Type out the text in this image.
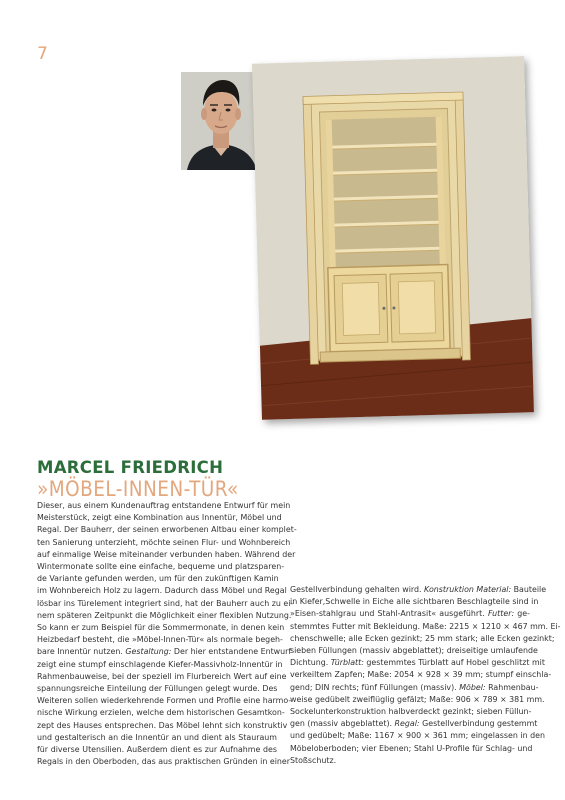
7
MARCEL FRIEDRICH
»MÖBEL-INNEN-TÜR«
Dieser, aus einem Kundenauftrag entstandene Entwurf für mein
Meisterstück, zeigt eine Kombination aus Innentür, Möbel und
Regal. Der Bauherr, der seinen erworbenen Altbau einer komplet-
ten Sanierung unterzieht, möchte seinen Flur- und Wohnbereich
auf einmalige Weise miteinander verbunden haben. Während der
Wintermonate sollte eine einfache, bequeme und platzsparen-
de Variante gefunden werden, um für den zukünftigen Kamin
im Wohnbereich Holz zu lagern. Dadurch dass Möbel und Regal
lösbar ins Türelement integriert sind, hat der Bauherr auch zu ei-
nem späteren Zeitpunkt die Möglichkeit einer flexiblen Nutzung.
So kann er zum Beispiel für die Sommermonate, in denen kein
Heizbedarf besteht, die »Möbel-Innen-Tür« als normale begeh-
bare Innentür nutzen. Gestaltung: Der hier entstandene Entwurf
zeigt eine stumpf einschlagende Kiefer-Massivholz-Innentür in
Rahmenbauweise, bei der speziell im Flurbereich Wert auf eine
spannungsreiche Einteilung der Füllungen gelegt wurde. Des
Weiteren sollen wiederkehrende Formen und Profile eine harmo-
nische Wirkung erzielen, welche dem historischen Gesamtkon-
zept des Hauses entsprechen. Das Möbel lehnt sich konstruktiv
und gestalterisch an die Innentür an und dient als Stauraum
für diverse Utensilien. Außerdem dient es zur Aufnahme des
Regals in den Oberboden, das aus praktischen Gründen in einer
Gestellverbindung gehalten wird. Konstruktion Material: Bauteile
in Kiefer,Schwelle in Eiche alle sichtbaren Beschlagteile sind in
»Eisen-stahlgrau und Stahl-Antrasit« ausgeführt. Futter: ge-
stemmtes Futter mit Bekleidung. Maße: 2215 × 1210 × 467 mm. Ei-
chenschwelle; alle Ecken gezinkt; 25 mm stark; alle Ecken gezinkt;
sieben Füllungen (massiv abgeblattet); dreiseitige umlaufende
Dichtung. Türblatt: gestemmtes Türblatt auf Hobel geschlitzt mit
verkeiltem Zapfen; Maße: 2054 × 928 × 39 mm; stumpf einschla-
gend; DIN rechts; fünf Füllungen (massiv). Möbel: Rahmenbau-
weise gedübelt zweiflüglig gefälzt; Maße: 906 × 789 × 381 mm.
Sockelunterkonstruktion halbverdeckt gezinkt; sieben Füllun-
gen (massiv abgeblattet). Regal: Gestellverbindung gestemmt
und gedübelt; Maße: 1167 × 900 × 361 mm; eingelassen in den
Möbeloberboden; vier Ebenen; Stahl U-Profile für Schlag- und
Stoßschutz.
